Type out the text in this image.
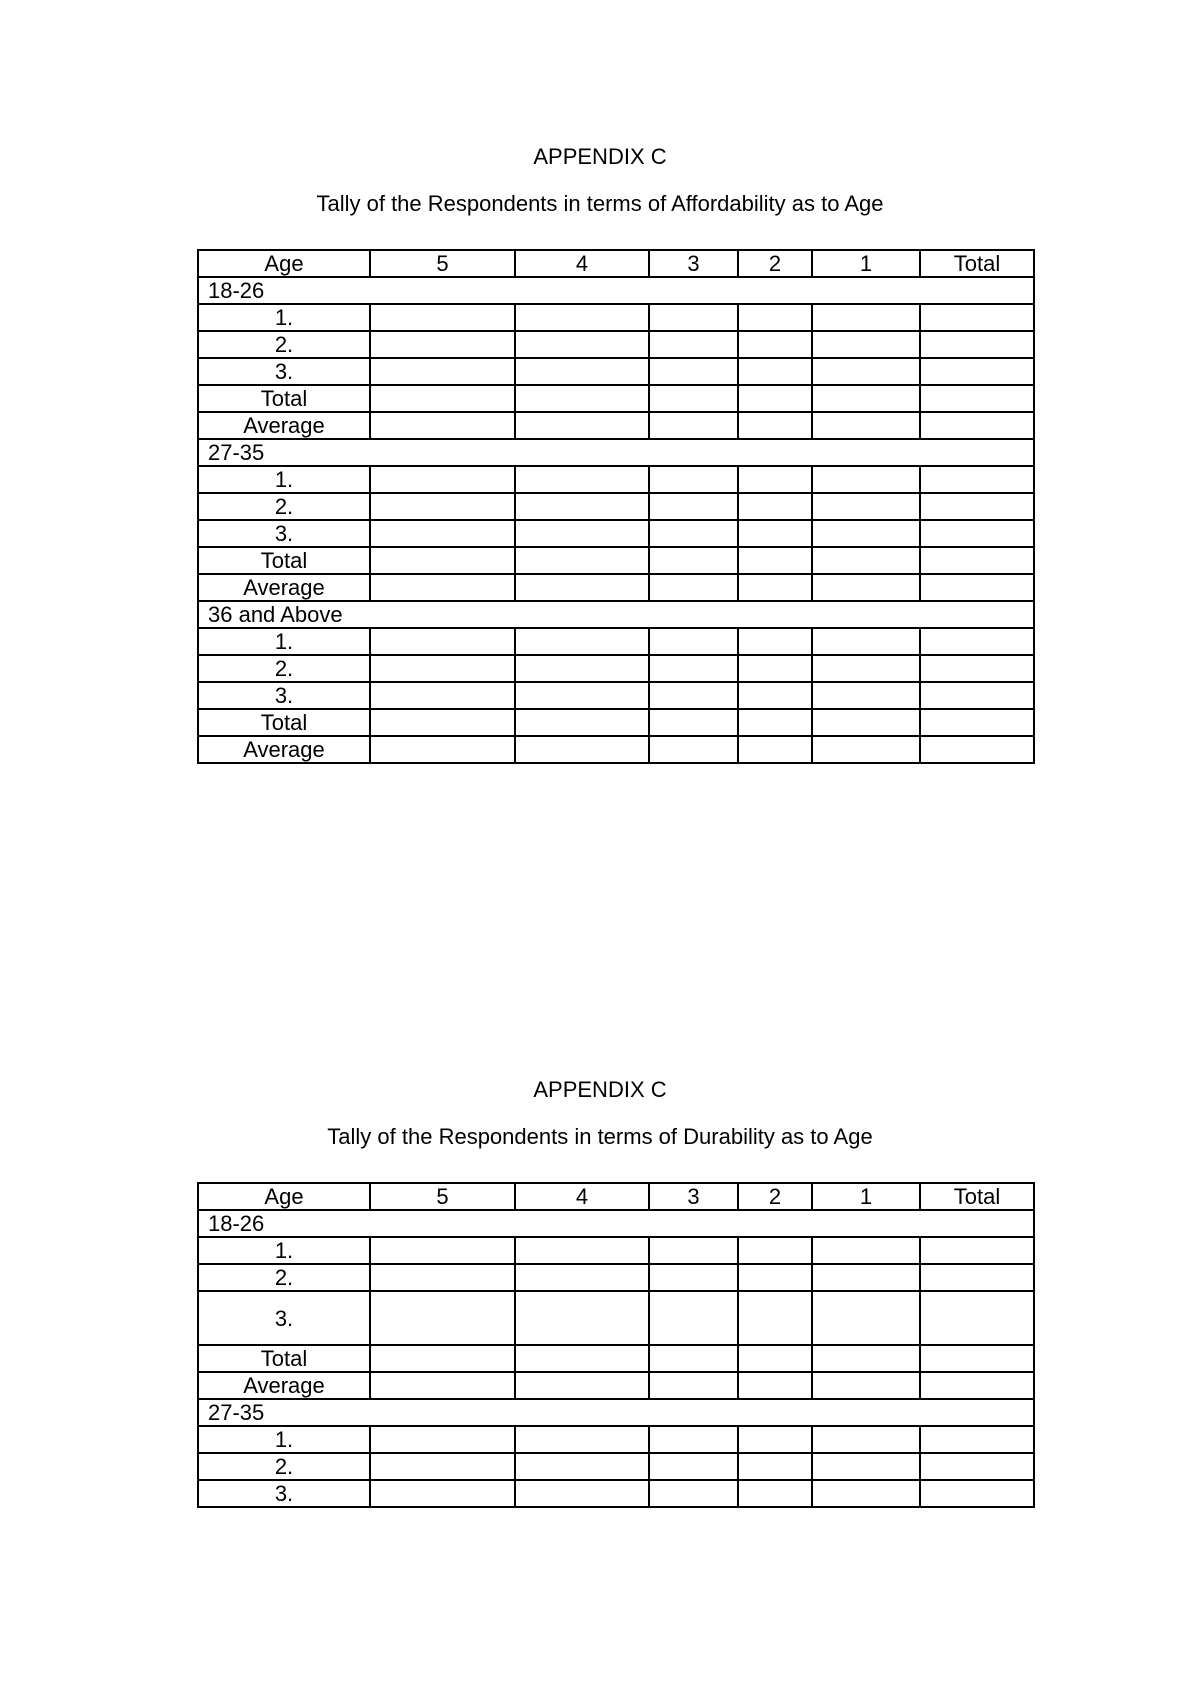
APPENDIX C

Tally of the Respondents in terms of Affordability as to Age

Age	5	4	3	2	1	Total
18-26						
1.						
2.						
3.						
Total						
Average						
27-35						
1.						
2.						
3.						
Total						
Average						
36 and Above						
1.						
2.						
3.						
Total						
Average						

APPENDIX C

Tally of the Respondents in terms of Durability as to Age

Age	5	4	3	2	1	Total
18-26						
1.						
2.						
3.						
Total						
Average						
27-35						
1.						
2.						
3.						
